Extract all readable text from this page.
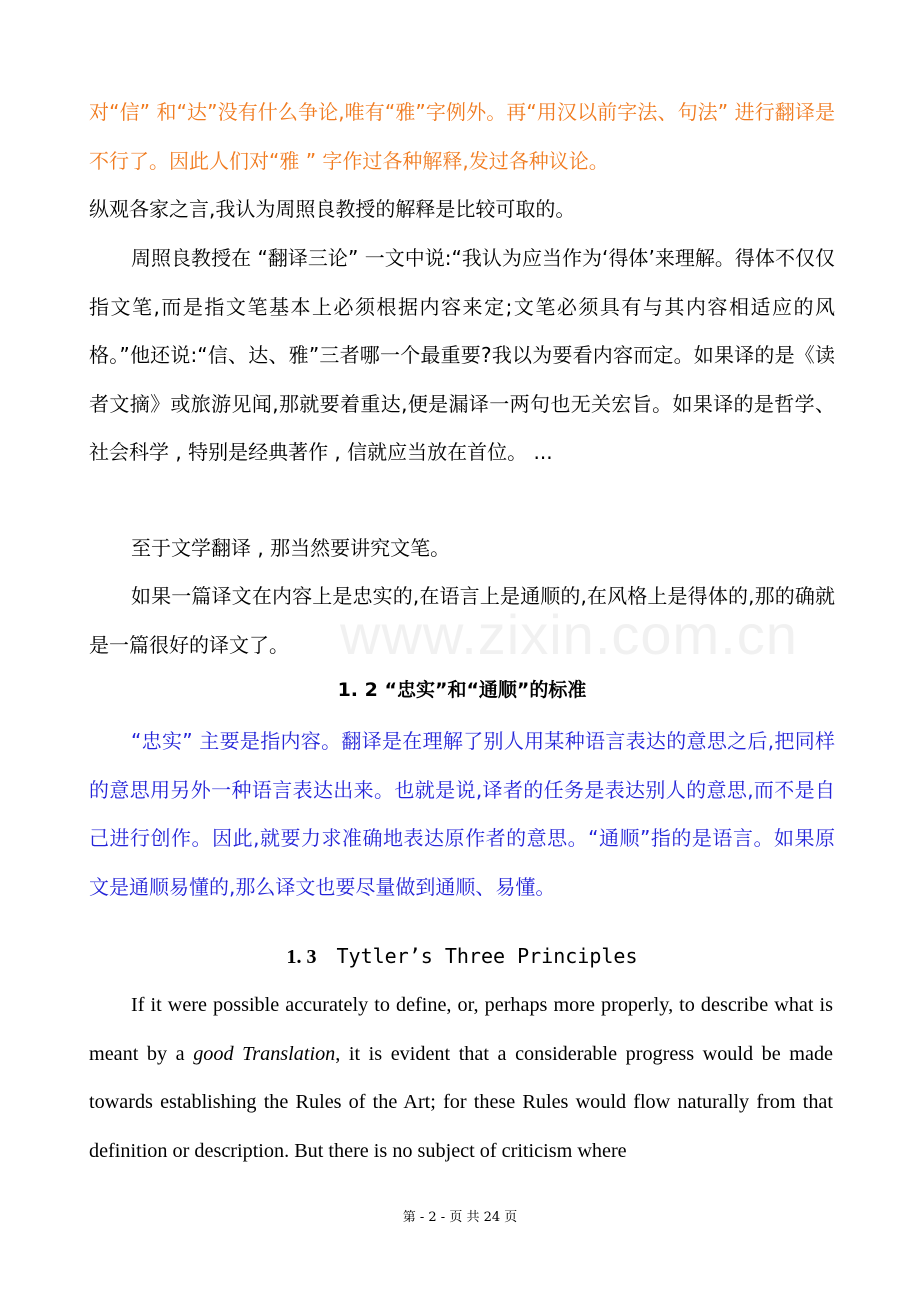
对“信” 和“达”没有什么争论,唯有“雅”字例外。再“用汉以前字法、句法” 进行翻译是不行了。因此人们对“雅 ” 字作过各种解释,发过各种议论。
纵观各家之言,我认为周照良教授的解释是比较可取的。

周照良教授在 “翻译三论” 一文中说:“我认为应当作为‘得体’来理解。得体不仅仅指文笔,而是指文笔基本上必须根据内容来定;文笔必须具有与其内容相适应的风格。”他还说:“信、达、雅”三者哪一个最重要?我以为要看内容而定。如果译的是《读者文摘》或旅游见闻,那就要着重达,便是漏译一两句也无关宏旨。如果译的是哲学、社会科学 , 特别是经典著作 , 信就应当放在首位。 ...

至于文学翻译 , 那当然要讲究文笔。

如果一篇译文在内容上是忠实的,在语言上是通顺的,在风格上是得体的,那的确就是一篇很好的译文了。

1. 2 “忠实”和“通顺”的标准

“忠实” 主要是指内容。翻译是在理解了别人用某种语言表达的意思之后,把同样的意思用另外一种语言表达出来。也就是说,译者的任务是表达别人的意思,而不是自己进行创作。因此,就要力求准确地表达原作者的意思。“通顺”指的是语言。如果原文是通顺易懂的,那么译文也要尽量做到通顺、易懂。

1. 3 Tytler’s Three Principles

If it were possible accurately to define, or, perhaps more properly, to describe what is meant by a good Translation, it is evident that a considerable progress would be made towards establishing the Rules of the Art; for these Rules would flow naturally from that definition or description. But there is no subject of criticism where

www.zixin.com.cn
第 - 2 - 页 共 24 页
